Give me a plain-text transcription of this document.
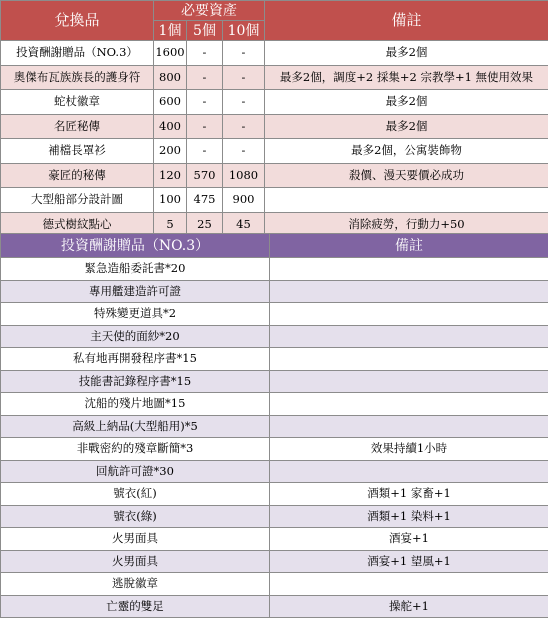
兌換品	必要資產			備註
	1個	5個	10個	
投資酬謝贈品（NO.3）	1600	-	-	最多2個
奧傑布瓦族族長的護身符	800	-	-	最多2個，調度+2 採集+2 宗教學+1 無使用效果
蛇杖徽章	600	-	-	最多2個
名匠秘傳	400	-	-	最多2個
補檔長罩衫	200	-	-	最多2個，公寓裝飾物
豪匠的秘傳	120	570	1080	殺價、漫天要價必成功
大型船部分設計圖	100	475	900	
德式樹紋點心	5	25	45	消除疲勞，行動力+50

投資酬謝贈品（NO.3）	備註
緊急造船委託書*20	
專用艦建造許可證	
特殊變更道具*2	
主天使的面紗*20	
私有地再開發程序書*15	
技能書記錄程序書*15	
沈船的殘片地圖*15	
高級上納品(大型船用)*5	
非戰密約的殘章斷簡*3	效果持續1小時
回航許可證*30	
號衣(紅)	酒類+1 家畜+1
號衣(綠)	酒類+1 染料+1
火男面具	酒宴+1
火男面具	酒宴+1 望風+1
逃脫徽章	
亡靈的雙足	操舵+1
